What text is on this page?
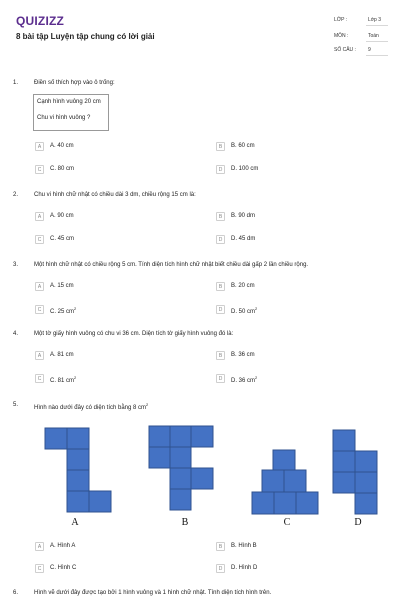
QUIZIZZ
8 bài tập Luyện tập chung có lời giải
LỚP :	Lớp 3
MÔN :	Toán
SỐ CÂU : 9
1.	Điền số thích hợp vào ô trống:
Cạnh hình vuông 20 cm
Chu vi hình vuông ?
A	A. 40 cm	B	B. 60 cm
C	C. 80 cm	D	D. 100 cm
2.	Chu vi hình chữ nhật có chiều dài 3 dm, chiều rộng 15 cm là:
A	A. 90 cm	B	B. 90 dm
C	C. 45 cm	D	D. 45 dm
3.	Một hình chữ nhật có chiều rộng 5 cm. Tính diện tích hình chữ nhật biết chiều dài gấp 2 lần chiều rộng.
A	A. 15 cm	B	B. 20 cm
C	C. 25 $cm^2$	D	D. 50 $cm^2$
4.	Một tờ giấy hình vuông có chu vi 36 cm. Diện tích tờ giấy hình vuông đó là:
A	A. 81 cm	B	B. 36 cm
C	C. 81 $cm^2$	D	D. 36 $cm^2$
5.	Hình nào dưới đây có diện tích bằng 8 $cm^2$
A	B	C	D
A	A. Hình A	B	B. Hình B
C	C. Hình C	D	D. Hình D
6.	Hình vẽ dưới đây được tạo bởi 1 hình vuông và 1 hình chữ nhật. Tính diện tích hình trên.
